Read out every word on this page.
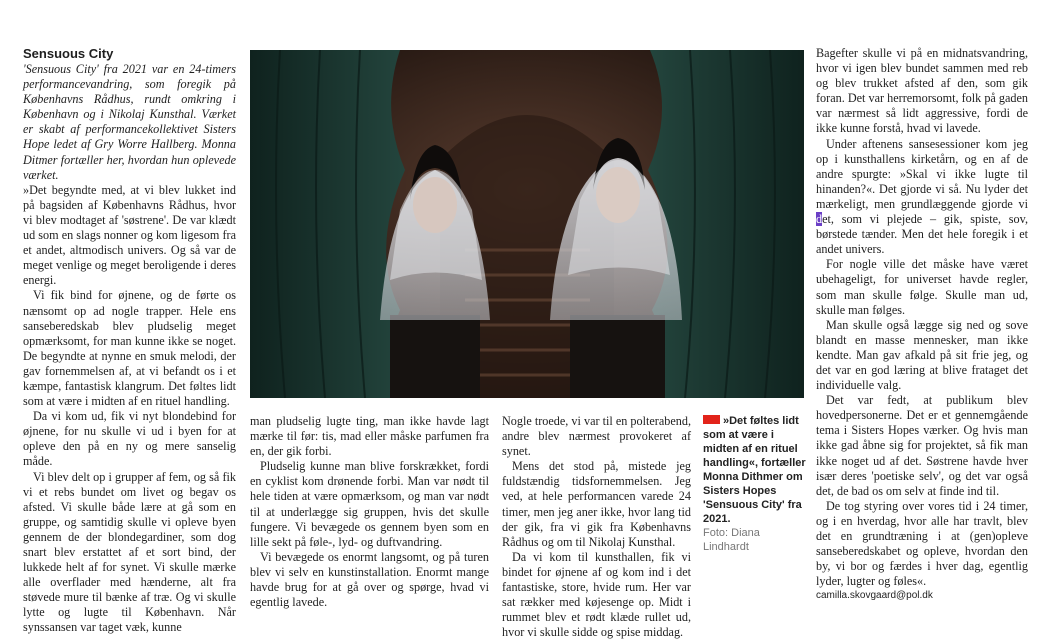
Sensuous City

'Sensuous City' fra 2021 var en 24-timers performancevandring, som foregik på Københavns Rådhus, rundt omkring i København og i Nikolaj Kunsthal. Værket er skabt af performancekollektivet Sisters Hope ledet af Gry Worre Hallberg. Monna Ditmer fortæller her, hvordan hun oplevede værket.

»Det begyndte med, at vi blev lukket ind på bagsiden af Københavns Rådhus, hvor vi blev modtaget af 'søstrene'. De var klædt ud som en slags nonner og kom ligesom fra et andet, altmodisch univers. Og så var de meget venlige og meget beroligende i deres energi.

Vi fik bind for øjnene, og de førte os nænsomt op ad nogle trapper. Hele ens sanseberedskab blev pludselig meget opmærksomt, for man kunne ikke se noget. De begyndte at nynne en smuk melodi, der gav fornemmelsen af, at vi befandt os i et kæmpe, fantastisk klangrum. Det føltes lidt som at være i midten af en rituel handling.

Da vi kom ud, fik vi nyt blondebind for øjnene, for nu skulle vi ud i byen for at opleve den på en ny og mere sanselig måde.

Vi blev delt op i grupper af fem, og så fik vi et rebs bundet om livet og begav os afsted. Vi skulle både lære at gå som en gruppe, og samtidig skulle vi opleve byen gennem de der blondegardiner, som dog snart blev erstattet af et sort bind, der lukkede helt af for synet. Vi skulle mærke alle overflader med hænderne, alt fra støvede mure til bænke af træ. Og vi skulle lytte og lugte til København. Når synssansen var taget væk, kunne

man pludselig lugte ting, man ikke havde lagt mærke til før: tis, mad eller måske parfumen fra en, der gik forbi.

Pludselig kunne man blive forskrækket, fordi en cyklist kom drønende forbi. Man var nødt til hele tiden at være opmærksom, og man var nødt til at underlægge sig gruppen, hvis det skulle fungere. Vi bevægede os gennem byen som en lille sekt på føle-, lyd- og duftvandring.

Vi bevægede os enormt langsomt, og på turen blev vi selv en kunstinstallation. Enormt mange havde brug for at gå over og spørge, hvad vi egentlig lavede.

Nogle troede, vi var til en polterabend, andre blev nærmest provokeret af synet.

Mens det stod på, mistede jeg fuldstændig tidsfornemmelsen. Jeg ved, at hele performancen varede 24 timer, men jeg aner ikke, hvor lang tid der gik, fra vi gik fra Københavns Rådhus og om til Nikolaj Kunsthal.

Da vi kom til kunsthallen, fik vi bindet for øjnene af og kom ind i det fantastiske, store, hvide rum. Her var sat rækker med køjesenge op. Midt i rummet blev et rødt klæde rullet ud, hvor vi skulle sidde og spise middag.

»Det føltes lidt som at være i midten af en rituel handling«, fortæller Monna Dithmer om Sisters Hopes 'Sensuous City' fra 2021.
Foto: Diana Lindhardt

Bagefter skulle vi på en midnatsvandring, hvor vi igen blev bundet sammen med reb og blev trukket afsted af den, som gik foran. Det var herremorsomt, folk på gaden var nærmest så lidt aggressive, fordi de ikke kunne forstå, hvad vi lavede.

Under aftenens sansesessioner kom jeg op i kunsthallens kirketårn, og en af de andre spurgte: »Skal vi ikke lugte til hinanden?«. Det gjorde vi så. Nu lyder det mærkeligt, men grundlæggende gjorde vi det, som vi plejede – gik, spiste, sov, børstede tænder. Men det hele foregik i et andet univers.

For nogle ville det måske have været ubehageligt, for universet havde regler, som man skulle følge. Skulle man ud, skulle man følges.

Man skulle også lægge sig ned og sove blandt en masse mennesker, man ikke kendte. Man gav afkald på sit frie jeg, og det var en god læring at blive frataget det individuelle valg.

Det var fedt, at publikum blev hovedpersonerne. Det er et gennemgående tema i Sisters Hopes værker. Og hvis man ikke gad åbne sig for projektet, så fik man ikke noget ud af det. Søstrene havde hver især deres 'poetiske selv', og det var også det, de bad os om selv at finde ind til.

De tog styring over vores tid i 24 timer, og i en hverdag, hvor alle har travlt, blev det en grundtræning i at (gen)opleve sanseberedskabet og opleve, hvordan den by, vi bor og færdes i hver dag, egentlig lyder, lugter og føles«.

camilla.skovgaard@pol.dk
